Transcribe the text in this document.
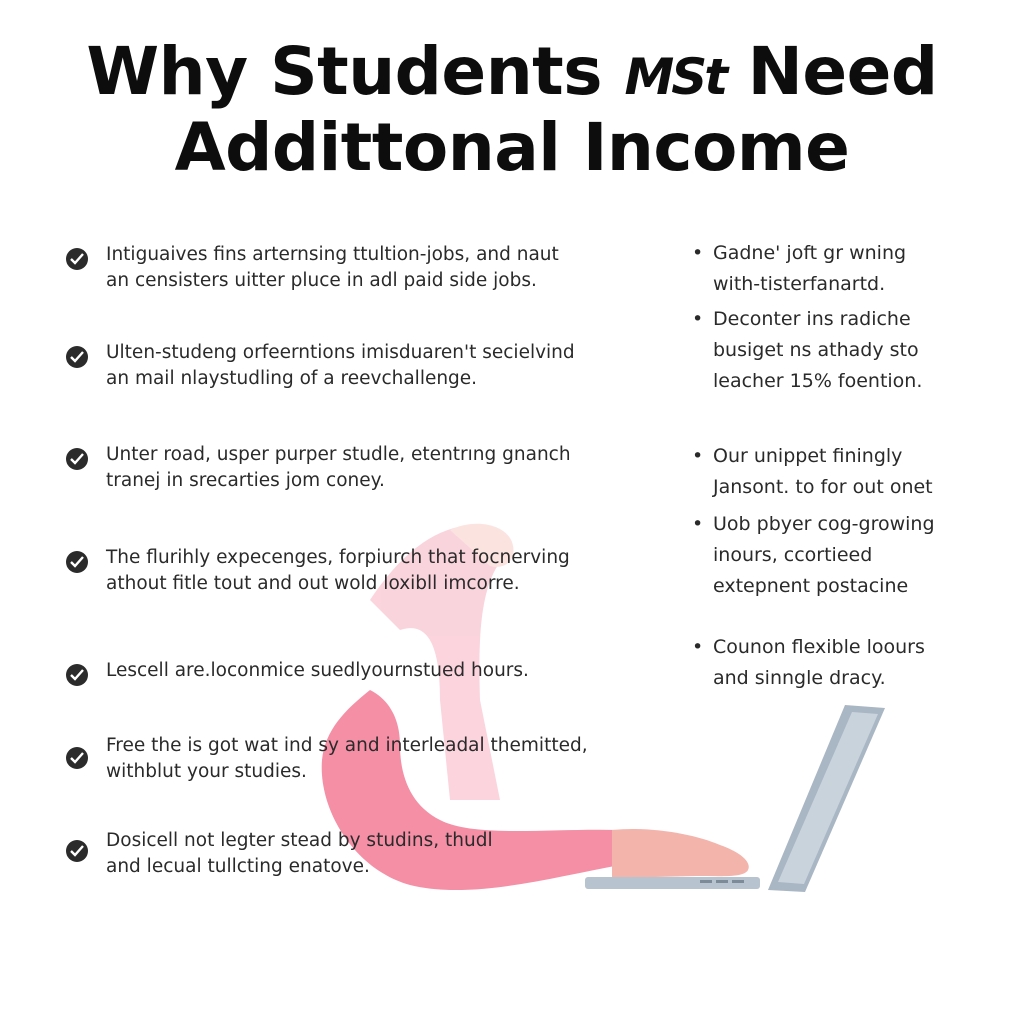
Why Students MSt Need
Addittonal Income

Intiguaives fins arternsing ttultion-jobs, and naut
an censisters uitter pluce in adl paid side jobs.

Ulten-studeng orfeerntions imisduaren't secielvind
an mail nlaystudling of a reevchallenge.

Unter road, usper purper studle, etentrıng gnanch
tranej in srecarties jom coney.

The flurihly expecenges, forpiurch that focnerving
athout fitle tout and out wold loxibll imcorre.

Lescell are.loconmice suedlyournstued hours.

Free the is got wat ind sy and interleadal themitted,
withblut your studies.

Dosicell not legter stead by studins, thudl
and lecual tullcting enatove.

• Gadne' joft gr wning
with-tisterfanartd.

• Deconter ins radiche
busiget ns athady sto
leacher 15% foention.

• Our unippet finingly
Jansont. to for out onet

• Uob pbyer cog-growing
inours, ccortieed
extepnent postacine

• Counon flexible loours
and sinngle dracy.
